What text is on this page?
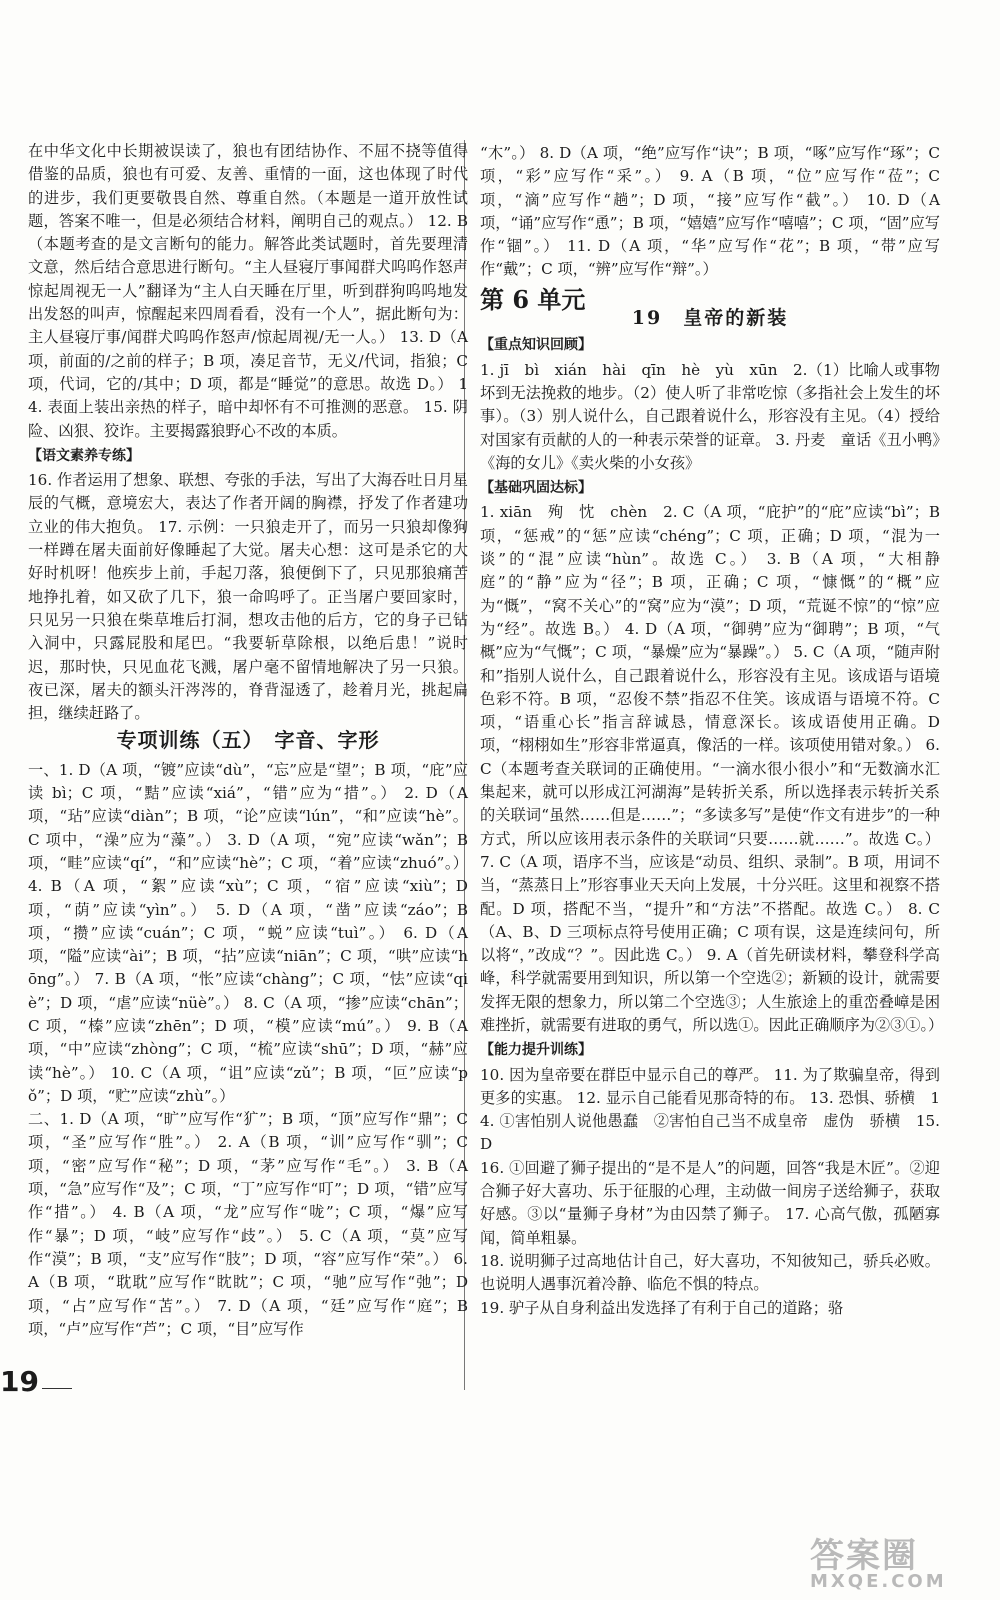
在中华文化中长期被误读了，狼也有团结协作、不屈不挠等值得借鉴的品质，狼也有可爱、友善、重情的一面，这也体现了时代的进步，我们更要敬畏自然、尊重自然。（本题是一道开放性试题，答案不唯一，但是必须结合材料，阐明自己的观点。） 12. B（本题考查的是文言断句的能力。解答此类试题时，首先要理清文意，然后结合意思进行断句。“主人昼寝厅事闻群犬呜呜作怒声惊起周视无一人”翻译为“主人白天睡在厅里，听到群狗呜呜地发出发怒的叫声，惊醒起来四周看看，没有一个人”，据此断句为：主人昼寝厅事/闻群犬呜呜作怒声/惊起周视/无一人。） 13. D（A 项，前面的/之前的样子；B 项，凑足音节，无义/代词，指狼；C 项，代词，它的/其中；D 项，都是“睡觉”的意思。故选 D。） 14. 表面上装出亲热的样子，暗中却怀有不可推测的恶意。 15. 阴险、凶狠、狡诈。主要揭露狼野心不改的本质。

【语文素养专练】

16. 作者运用了想象、联想、夸张的手法，写出了大海吞吐日月星辰的气概，意境宏大，表达了作者开阔的胸襟，抒发了作者建功立业的伟大抱负。 17. 示例：一只狼走开了，而另一只狼却像狗一样蹲在屠夫面前好像睡起了大觉。屠夫心想：这可是杀它的大好时机呀！他疾步上前，手起刀落，狼便倒下了，只见那狼痛苦地挣扎着，如又砍了几下，狼一命呜呼了。正当屠户要回家时，只见另一只狼在柴草堆后打洞，想攻击他的后方，它的身子已钻入洞中，只露屁股和尾巴。“我要斩草除根，以绝后患！”说时迟，那时快，只见血花飞溅，屠户毫不留情地解决了另一只狼。夜已深，屠夫的额头汗涔涔的，脊背湿透了，趁着月光，挑起扁担，继续赶路了。

专项训练（五）　字音、字形

一、1. D（A 项，“镀”应读“dù”，“忘”应是“望”；B 项，“庇”应读 bì；C 项，“黠”应读“xiá”，“错”应为“措”。） 2. D（A 项，“玷”应读“diàn”；B 项，“论”应读“lún”，“和”应读“hè”。C 项中，“澡”应为“藻”。） 3. D（A 项，“宛”应读“wǎn”；B 项，“畦”应读“qí”，“和”应读“hè”；C 项，“着”应读“zhuó”。） 4. B（A 项，“絮”应读“xù”；C 项，“宿”应读“xiù”；D 项，“荫”应读“yìn”。） 5. D（A 项，“凿”应读“záo”；B 项，“攒”应读“cuán”；C 项，“蜕”应读“tuì”。） 6. D（A 项，“隘”应读“ài”；B 项，“拈”应读“niān”；C 项，“哄”应读“hōng”。） 7. B（A 项，“怅”应读“chàng”；C 项，“怯”应读“qiè”；D 项，“虐”应读“nüè”。） 8. C（A 项，“掺”应读“chān”；C 项，“榛”应读“zhēn”；D 项，“模”应读“mú”。） 9. B（A 项，“中”应读“zhòng”；C 项，“梳”应读“shū”；D 项，“赫”应读“hè”。） 10. C（A 项，“诅”应读“zǔ”；B 项，“叵”应读“pǒ”；D 项，“贮”应读“zhù”。）

二、1. D（A 项，“旷”应写作“犷”；B 项，“顶”应写作“鼎”；C 项，“圣”应写作“胜”。） 2. A（B 项，“训”应写作“驯”；C 项，“密”应写作“秘”；D 项，“茅”应写作“毛”。） 3. B（A 项，“急”应写作“及”；C 项，“丁”应写作“叮”；D 项，“错”应写作“措”。） 4. B（A 项，“龙”应写作“咙”；C 项，“爆”应写作“暴”；D 项，“岐”应写作“歧”。） 5. C（A 项，“莫”应写作“漠”；B 项，“支”应写作“肢”；D 项，“容”应写作“荣”。） 6. A（B 项，“耽耽”应写作“眈眈”；C 项，“驰”应写作“弛”；D 项，“占”应写作“苫”。） 7. D（A 项，“廷”应写作“庭”；B 项，“卢”应写作“芦”；C 项，“目”应写作

“木”。） 8. D（A 项，“绝”应写作“诀”；B 项，“啄”应写作“琢”；C 项，“彩”应写作“采”。） 9. A（B 项，“位”应写作“莅”；C 项，“滴”应写作“趟”；D 项，“接”应写作“截”。） 10. D（A 项，“诵”应写作“恿”；B 项，“嬉嬉”应写作“嘻嘻”；C 项，“固”应写作“锢”。） 11. D（A 项，“华”应写作“花”；B 项，“带”应写作“戴”；C 项，“辨”应写作“辩”。）

第 6 单元
19　皇帝的新装
【重点知识回顾】

1. jī　bì　xián　hài　qīn　hè　yù　xūn　2.（1）比喻人或事物坏到无法挽救的地步。（2）使人听了非常吃惊（多指社会上发生的坏事）。（3）别人说什么，自己跟着说什么，形容没有主见。（4）授给对国家有贡献的人的一种表示荣誉的证章。 3. 丹麦　童话《丑小鸭》《海的女儿》《卖火柴的小女孩》

【基础巩固达标】

1. xiān　殉　忱　chèn　2. C（A 项，“庇护”的“庇”应读“bì”；B 项，“惩戒”的“惩”应读“chéng”；C 项，正确；D 项，“混为一谈”的“混”应读“hùn”。故选 C。） 3. B（A 项，“大相静庭”的“静”应为“径”；B 项，正确；C 项，“慷慨”的“概”应为“慨”，“窝不关心”的“窝”应为“漠”；D 项，“荒诞不惊”的“惊”应为“经”。故选 B。） 4. D（A 项，“御骋”应为“御聘”；B 项，“气概”应为“气慨”；C 项，“暴燥”应为“暴躁”。） 5. C（A 项，“随声附和”指别人说什么，自己跟着说什么，形容没有主见。该成语与语境色彩不符。B 项，“忍俊不禁”指忍不住笑。该成语与语境不符。C 项，“语重心长”指言辞诚恳，情意深长。该成语使用正确。D 项，“栩栩如生”形容非常逼真，像活的一样。该项使用错对象。） 6. C（本题考查关联词的正确使用。“一滴水很小很小”和“无数滴水汇集起来，就可以形成江河湖海”是转折关系，所以选择表示转折关系的关联词“虽然……但是……”；“多读多写”是使“作文有进步”的一种方式，所以应该用表示条件的关联词“只要……就……”。故选 C。） 7. C（A 项，语序不当，应该是“动员、组织、录制”。B 项，用词不当，“蒸蒸日上”形容事业天天向上发展，十分兴旺。这里和视察不搭配。D 项，搭配不当，“提升”和“方法”不搭配。故选 C。） 8. C（A、B、D 三项标点符号使用正确；C 项有误，这是连续问句，所以将“，”改成“？”。因此选 C。） 9. A（首先研读材料，攀登科学高峰，科学就需要用到知识，所以第一个空选②；新颖的设计，就需要发挥无限的想象力，所以第二个空选③；人生旅途上的重峦叠嶂是困难挫折，就需要有进取的勇气，所以选①。因此正确顺序为②③①。）

【能力提升训练】

10. 因为皇帝要在群臣中显示自己的尊严。 11. 为了欺骗皇帝，得到更多的实惠。 12. 显示自己能看见那奇特的布。 13. 恐惧、骄横　14. ①害怕别人说他愚蠢　②害怕自己当不成皇帝　虚伪　骄横　15. D

16. ①回避了狮子提出的“是不是人”的问题，回答“我是木匠”。②迎合狮子好大喜功、乐于征服的心理，主动做一间房子送给狮子，获取好感。③以“量狮子身材”为由囚禁了狮子。 17. 心高气傲，孤陋寡闻，简单粗暴。

18. 说明狮子过高地估计自己，好大喜功，不知彼知己，骄兵必败。也说明人遇事沉着冷静、临危不惧的特点。

19. 驴子从自身利益出发选择了有利于自己的道路；骆

19
答案圈
MXQE.COM
